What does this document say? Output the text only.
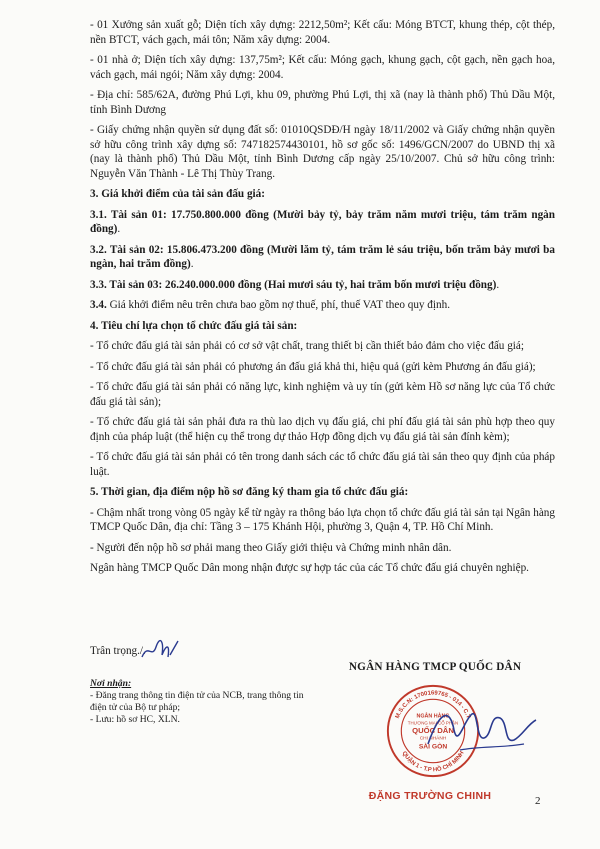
- 01 Xưởng sản xuất gỗ; Diện tích xây dựng: 2212,50m²; Kết cấu: Móng BTCT, khung thép, cột thép, nền BTCT, vách gạch, mái tôn; Năm xây dựng: 2004.

- 01 nhà ở; Diện tích xây dựng: 137,75m²; Kết cấu: Móng gạch, khung gạch, cột gạch, nền gạch hoa, vách gạch, mái ngói; Năm xây dựng: 2004.

- Địa chỉ: 585/62A, đường Phú Lợi, khu 09, phường Phú Lợi, thị xã (nay là thành phố) Thủ Dầu Một, tỉnh Bình Dương

- Giấy chứng nhận quyền sử dụng đất số: 01010QSDĐ/H ngày 18/11/2002 và Giấy chứng nhận quyền sở hữu công trình xây dựng số: 747182574430101, hồ sơ gốc số: 1496/GCN/2007 do UBND thị xã (nay là thành phố) Thủ Dầu Một, tỉnh Bình Dương cấp ngày 25/10/2007. Chủ sở hữu công trình: Nguyễn Văn Thành - Lê Thị Thùy Trang.

3. Giá khởi điểm của tài sản đấu giá:

3.1. Tài sản 01: 17.750.800.000 đồng (Mười bảy tỷ, bảy trăm năm mươi triệu, tám trăm ngàn đồng).

3.2. Tài sản 02: 15.806.473.200 đồng (Mười lăm tỷ, tám trăm lẻ sáu triệu, bốn trăm bảy mươi ba ngàn, hai trăm đồng).

3.3. Tài sản 03: 26.240.000.000 đồng (Hai mươi sáu tỷ, hai trăm bốn mươi triệu đồng).

3.4. Giá khởi điểm nêu trên chưa bao gồm nợ thuế, phí, thuế VAT theo quy định.

4. Tiêu chí lựa chọn tổ chức đấu giá tài sản:

- Tổ chức đấu giá tài sản phải có cơ sở vật chất, trang thiết bị cần thiết bảo đảm cho việc đấu giá;

- Tổ chức đấu giá tài sản phải có phương án đấu giá khả thi, hiệu quả (gửi kèm Phương án đấu giá);

- Tổ chức đấu giá tài sản phải có năng lực, kinh nghiệm và uy tín (gửi kèm Hồ sơ năng lực của Tổ chức đấu giá tài sản);

- Tổ chức đấu giá tài sản phải đưa ra thù lao dịch vụ đấu giá, chi phí đấu giá tài sản phù hợp theo quy định của pháp luật (thể hiện cụ thể trong dự thảo Hợp đồng dịch vụ đấu giá tài sản đính kèm);

- Tổ chức đấu giá tài sản phải có tên trong danh sách các tổ chức đấu giá tài sản theo quy định của pháp luật.

5. Thời gian, địa điểm nộp hồ sơ đăng ký tham gia tổ chức đấu giá:

- Chậm nhất trong vòng 05 ngày kể từ ngày ra thông báo lựa chọn tổ chức đấu giá tài sản tại Ngân hàng TMCP Quốc Dân, địa chỉ: Tầng 3 – 175 Khánh Hội, phường 3, Quận 4, TP. Hồ Chí Minh.

- Người đến nộp hồ sơ phải mang theo Giấy giới thiệu và Chứng minh nhân dân.

Ngân hàng TMCP Quốc Dân mong nhận được sự hợp tác của các Tổ chức đấu giá chuyên nghiệp.

Trân trọng./.
NGÂN HÀNG TMCP QUỐC DÂN
Nơi nhận:
- Đăng trang thông tin điện tử của NCB, trang thông tin điện tử của Bộ tư pháp;
- Lưu: hồ sơ HC, XLN.	M.S.C.N: 1700169765 - 014 - C.T
QUẬN 1 - T.P HỒ CHÍ MINH
NGÂN HÀNG
THƯƠNG MẠI CỔ PHẦN
QUỐC DÂN
CHI NHÁNH
SÀI GÒN
ĐẶNG TRƯỜNG CHINH	2
